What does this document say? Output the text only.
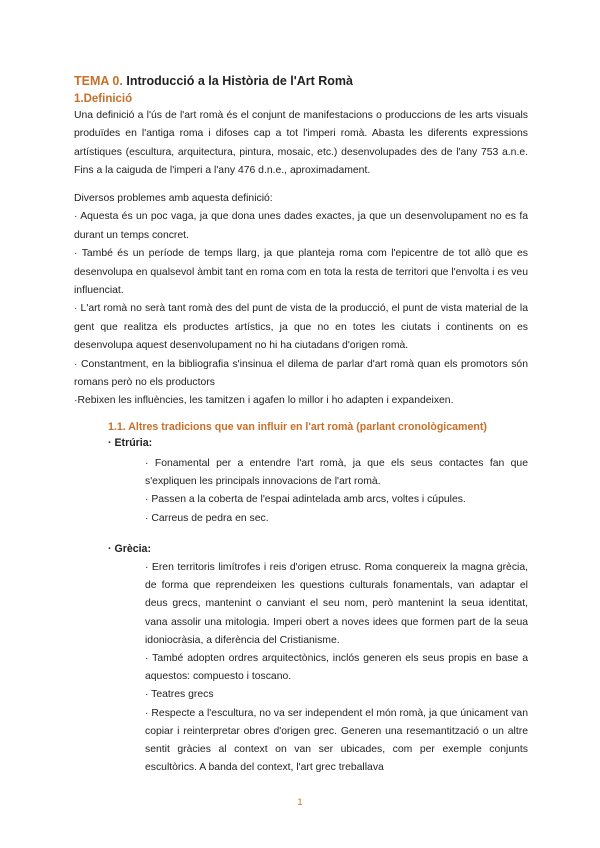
TEMA 0. Introducció a la Història de l'Art Romà
1.Definició
Una definició a l'ús de l'art romà és el conjunt de manifestacions o produccions de les arts visuals produïdes en l'antiga roma i difoses cap a tot l'imperi romà. Abasta les diferents expressions artístiques (escultura, arquitectura, pintura, mosaic, etc.) desenvolupades des de l'any 753 a.n.e. Fins a la caiguda de l'imperi a l'any 476 d.n.e., aproximadament.
Diversos problemes amb aquesta definició:
· Aquesta és un poc vaga, ja que dona unes dades exactes, ja que un desenvolupament no es fa durant un temps concret.
· També és un període de temps llarg, ja que planteja roma com l'epicentre de tot allò que es desenvolupa en qualsevol àmbit tant en roma com en tota la resta de territori que l'envolta i es veu influenciat.
· L'art romà no serà tant romà des del punt de vista de la producció, el punt de vista material de la gent que realitza els productes artístics, ja que no en totes les ciutats i continents on es desenvolupa aquest desenvolupament no hi ha ciutadans d'origen romà.
· Constantment, en la bibliografia s'insinua el dilema de parlar d'art romà quan els promotors són romans però no els productors
·Rebixen les influències, les tamitzen i agafen lo millor i ho adapten i expandeixen.
1.1. Altres tradicions que van influir en l'art romà (parlant cronològicament)
· Etrúria:
· Fonamental per a entendre l'art romà, ja que els seus contactes fan que s'expliquen les principals innovacions de l'art romà.
· Passen a la coberta de l'espai adintelada amb arcs, voltes i cúpules.
· Carreus de pedra en sec.
· Grècia:
· Eren territoris limítrofes i reis d'origen etrusc. Roma conquereix la magna grècia, de forma que reprendeixen les questions culturals fonamentals, van adaptar el deus grecs, mantenint o canviant el seu nom, però mantenint la seua identitat, vana assolir una mitologia. Imperi obert a noves idees que formen part de la seua idoniocràsia, a diferència del Cristianisme.
· També adopten ordres arquitectònics, inclós generen els seus propis en base a aquestos: compuesto i toscano.
· Teatres grecs
· Respecte a l'escultura, no va ser independent el món romà, ja que únicament van copiar i reinterpretar obres d'origen grec. Generen una resemantització o un altre sentit gràcies al context on van ser ubicades, com per exemple conjunts escultòrics. A banda del context, l'art grec treballava
1
